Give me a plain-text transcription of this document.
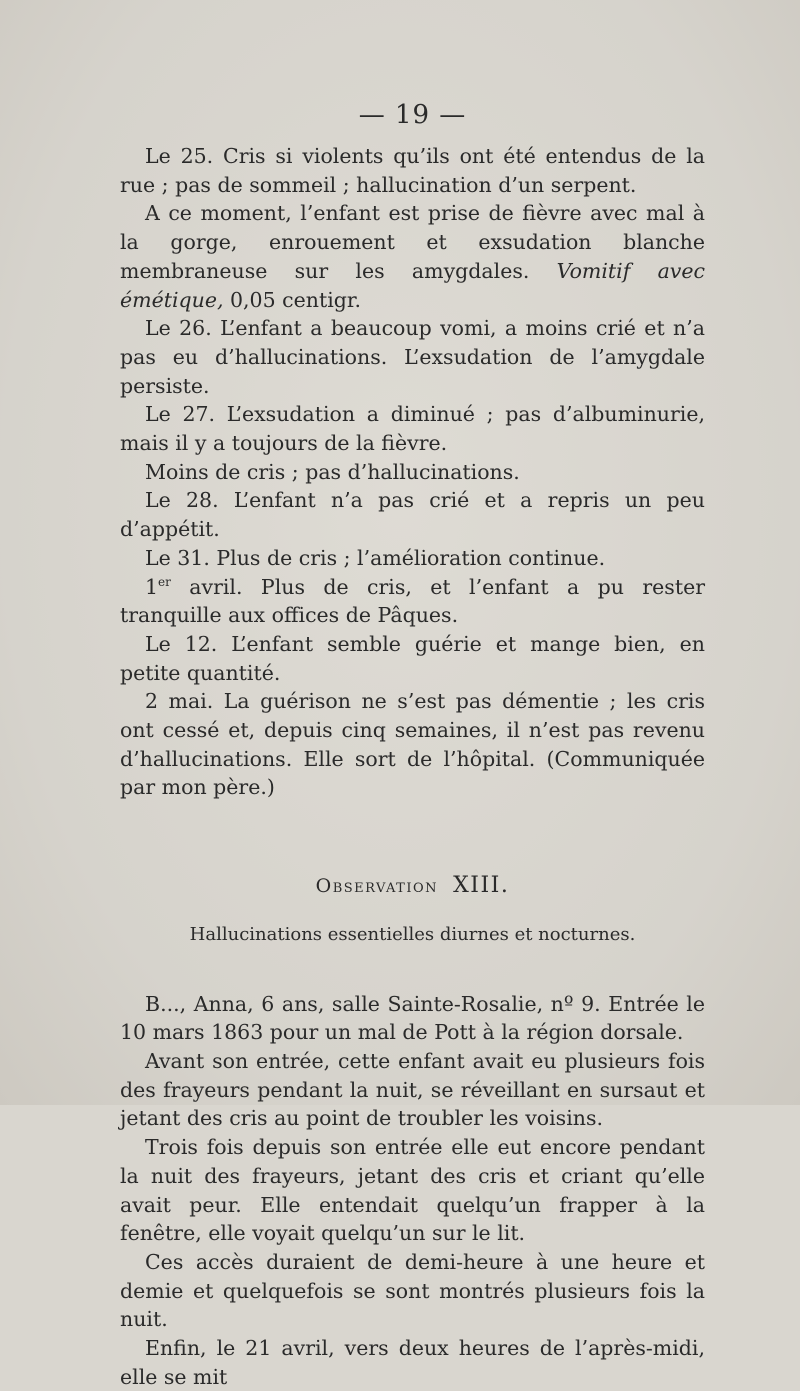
— 19 —

Le 25. Cris si violents qu’ils ont été entendus de la rue ; pas de sommeil ; hallucination d’un serpent.

A ce moment, l’enfant est prise de fièvre avec mal à la gorge, enrouement et exsudation blanche membraneuse sur les amygdales. Vomitif avec émétique, 0,05 centigr.

Le 26. L’enfant a beaucoup vomi, a moins crié et n’a pas eu d’hallucinations. L’exsudation de l’amygdale persiste.

Le 27. L’exsudation a diminué ; pas d’albuminurie, mais il y a toujours de la fièvre.

Moins de cris ; pas d’hallucinations.

Le 28. L’enfant n’a pas crié et a repris un peu d’appétit.

Le 31. Plus de cris ; l’amélioration continue.

1er avril. Plus de cris, et l’enfant a pu rester tranquille aux offices de Pâques.

Le 12. L’enfant semble guérie et mange bien, en petite quantité.

2 mai. La guérison ne s’est pas démentie ; les cris ont cessé et, depuis cinq semaines, il n’est pas revenu d’hallucinations. Elle sort de l’hôpital. (Communiquée par mon père.)

Observation XIII.

Hallucinations essentielles diurnes et nocturnes.

B..., Anna, 6 ans, salle Sainte-Rosalie, nº 9. Entrée le 10 mars 1863 pour un mal de Pott à la région dorsale.

Avant son entrée, cette enfant avait eu plusieurs fois des frayeurs pendant la nuit, se réveillant en sursaut et jetant des cris au point de troubler les voisins.

Trois fois depuis son entrée elle eut encore pendant la nuit des frayeurs, jetant des cris et criant qu’elle avait peur. Elle entendait quelqu’un frapper à la fenêtre, elle voyait quelqu’un sur le lit.

Ces accès duraient de demi-heure à une heure et demie et quelquefois se sont montrés plusieurs fois la nuit.

Enfin, le 21 avril, vers deux heures de l’après-midi, elle se mit
